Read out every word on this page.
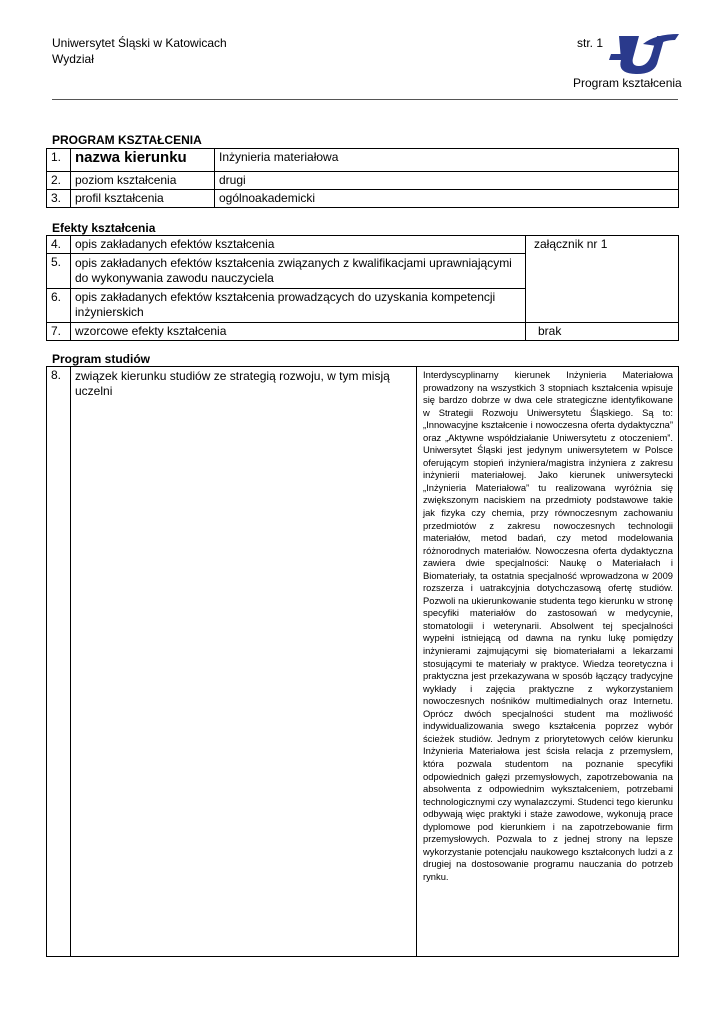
Uniwersytet Śląski w Katowicach
Wydział
str. 1
Program kształcenia
PROGRAM KSZTAŁCENIA
1.	nazwa kierunku	Inżynieria materiałowa
2.	poziom kształcenia	drugi
3.	profil kształcenia	ogólnoakademicki
Efekty kształcenia
4.	opis zakładanych efektów kształcenia	załącznik nr 1
5.	opis zakładanych efektów kształcenia związanych z kwalifikacjami uprawniającymi do wykonywania zawodu nauczyciela	
6.	opis zakładanych efektów kształcenia prowadzących do uzyskania kompetencji inżynierskich	
7.	wzorcowe efekty kształcenia	brak
Program studiów
8.	związek kierunku studiów ze strategią rozwoju, w tym misją uczelni	Interdyscyplinarny kierunek Inżynieria Materiałowa prowadzony na wszystkich 3 stopniach kształcenia wpisuje się bardzo dobrze w dwa cele strategiczne identyfikowane w Strategii Rozwoju Uniwersytetu Śląskiego. Są to: „Innowacyjne kształcenie i nowoczesna oferta dydaktyczna” oraz „Aktywne współdziałanie Uniwersytetu z otoczeniem”. Uniwersytet Śląski jest jedynym uniwersytetem w Polsce oferującym stopień inżyniera/magistra inżyniera z zakresu inżynierii materiałowej. Jako kierunek uniwersytecki „Inżynieria Materiałowa” tu realizowana wyróżnia się zwiększonym naciskiem na przedmioty podstawowe takie jak fizyka czy chemia, przy równoczesnym zachowaniu przedmiotów z zakresu nowoczesnych technologii materiałów, metod badań, czy metod modelowania różnorodnych materiałów. Nowoczesna oferta dydaktyczna zawiera dwie specjalności: Naukę o Materiałach i Biomateriały, ta ostatnia specjalność wprowadzona w 2009 rozszerza i uatrakcyjnia dotychczasową ofertę studiów. Pozwoli na ukierunkowanie studenta tego kierunku w stronę specyfiki materiałów do zastosowań w medycynie, stomatologii i weterynarii. Absolwent tej specjalności wypełni istniejącą od dawna na rynku lukę pomiędzy inżynierami zajmującymi się biomateriałami a lekarzami stosującymi te materiały w praktyce. Wiedza teoretyczna i praktyczna jest przekazywana w sposób łączący tradycyjne wykłady i zajęcia praktyczne z wykorzystaniem nowoczesnych nośników multimedialnych oraz Internetu. Oprócz dwóch specjalności student ma możliwość indywidualizowania swego kształcenia poprzez wybór ścieżek studiów. Jednym z priorytetowych celów kierunku Inżynieria Materiałowa jest ścisła relacja z przemysłem, która pozwala studentom na poznanie specyfiki odpowiednich gałęzi przemysłowych, zapotrzebowania na absolwenta z odpowiednim wykształceniem, potrzebami technologicznymi czy wynalazczymi. Studenci tego kierunku odbywają więc praktyki i staże zawodowe, wykonują prace dyplomowe pod kierunkiem i na zapotrzebowanie firm przemysłowych. Pozwala to z jednej strony na lepsze wykorzystanie potencjału naukowego kształconych ludzi a z drugiej na dostosowanie programu nauczania do potrzeb rynku.
